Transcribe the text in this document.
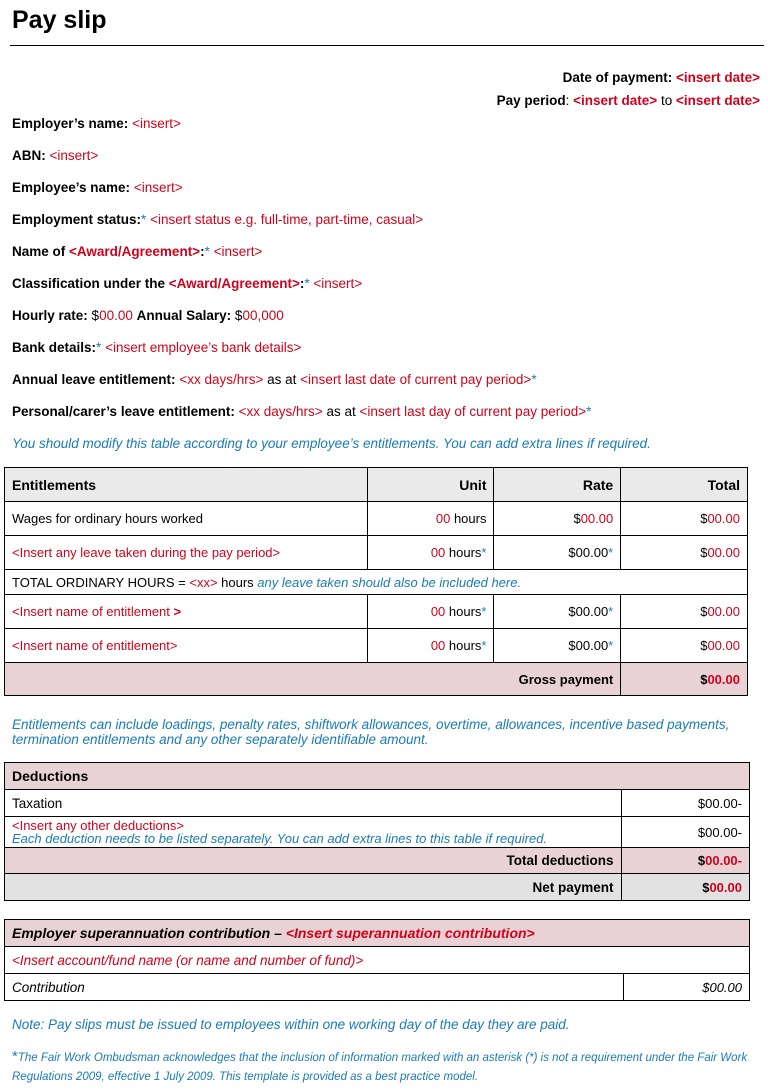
Pay slip
Date of payment: <insert date>
Pay period: <insert date> to <insert date>
Employer’s name: <insert>
ABN: <insert>
Employee’s name: <insert>
Employment status:* <insert status e.g. full-time, part-time, casual>
Name of <Award/Agreement>:* <insert>
Classification under the <Award/Agreement>:* <insert>
Hourly rate: $00.00 Annual Salary: $00,000
Bank details:* <insert employee’s bank details>
Annual leave entitlement: <xx days/hrs> as at <insert last date of current pay period>*
Personal/carer’s leave entitlement: <xx days/hrs> as at <insert last day of current pay period>*
You should modify this table according to your employee’s entitlements. You can add extra lines if required.
Entitlements	Unit	Rate	Total
Wages for ordinary hours worked	00 hours	$00.00	$00.00
<Insert any leave taken during the pay period>	00 hours*	$00.00*	$00.00
TOTAL ORDINARY HOURS = <xx> hours any leave taken should also be included here.			
<Insert name of entitlement >	00 hours*	$00.00*	$00.00
<Insert name of entitlement>	00 hours*	$00.00*	$00.00
Gross payment			$00.00
Entitlements can include loadings, penalty rates, shiftwork allowances, overtime, allowances, incentive based payments, termination entitlements and any other separately identifiable amount.
Deductions	
Taxation	$00.00-

<Insert any other deductions>
Each deduction needs to be listed separately. You can add extra lines to this table if required.	$00.00-
Total deductions	$00.00-
Net payment	$00.00
Employer superannuation contribution – <Insert superannuation contribution>
<Insert account/fund name (or name and number of fund)>
Contribution	$00.00
Note: Pay slips must be issued to employees within one working day of the day they are paid.
*The Fair Work Ombudsman acknowledges that the inclusion of information marked with an asterisk (*) is not a requirement under the Fair Work Regulations 2009, effective 1 July 2009. This template is provided as a best practice model.
